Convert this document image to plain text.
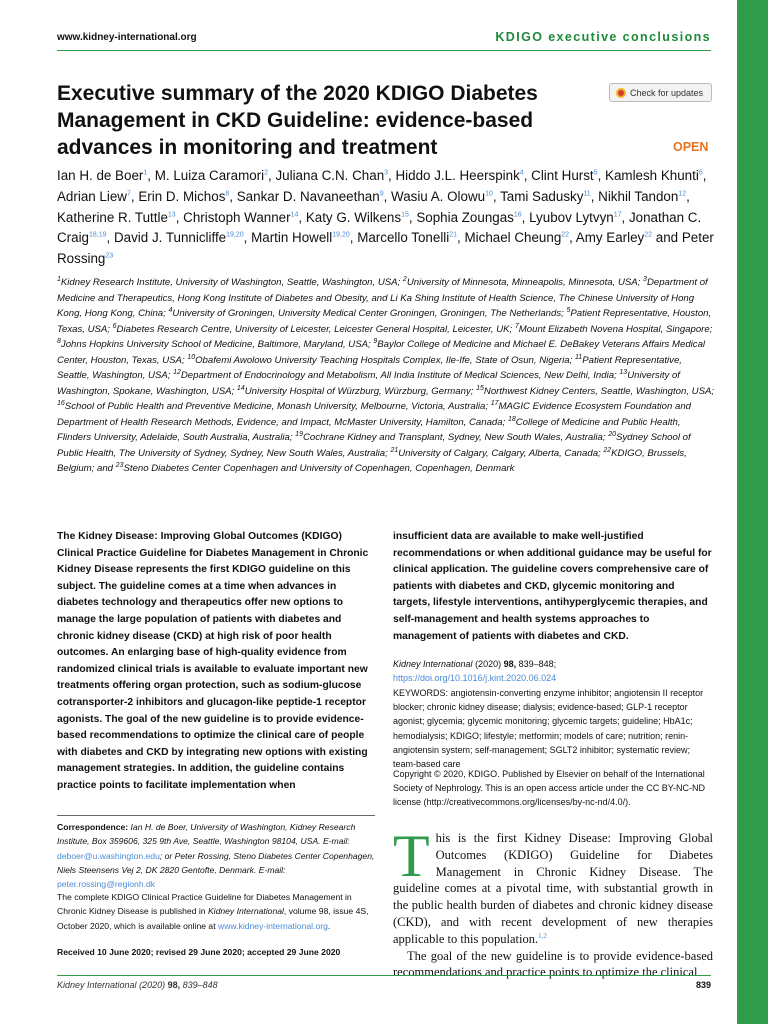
www.kidney-international.org	KDIGO executive conclusions
Executive summary of the 2020 KDIGO Diabetes Management in CKD Guideline: evidence-based advances in monitoring and treatment
Check for updates
OPEN
Ian H. de Boer$^1$, M. Luiza Caramori$^2$, Juliana C.N. Chan$^3$, Hiddo J.L. Heerspink$^4$, Clint Hurst$^5$, Kamlesh Khunti$^6$, Adrian Liew$^7$, Erin D. Michos$^8$, Sankar D. Navaneethan$^9$, Wasiu A. Olowu$^{10}$, Tami Sadusky$^{11}$, Nikhil Tandon$^{12}$, Katherine R. Tuttle$^{13}$, Christoph Wanner$^{14}$, Katy G. Wilkens$^{15}$, Sophia Zoungas$^{16}$, Lyubov Lytvyn$^{17}$, Jonathan C. Craig$^{18,19}$, David J. Tunnicliffe$^{19,20}$, Martin Howell$^{19,20}$, Marcello Tonelli$^{21}$, Michael Cheung$^{22}$, Amy Earley$^{22}$ and Peter Rossing$^{23}$
$^1$Kidney Research Institute, University of Washington, Seattle, Washington, USA; $^2$University of Minnesota, Minneapolis, Minnesota, USA; $^3$Department of Medicine and Therapeutics, Hong Kong Institute of Diabetes and Obesity, and Li Ka Shing Institute of Health Science, The Chinese University of Hong Kong, Hong Kong, China; $^4$University of Groningen, University Medical Center Groningen, Groningen, The Netherlands; $^5$Patient Representative, Houston, Texas, USA; $^6$Diabetes Research Centre, University of Leicester, Leicester General Hospital, Leicester, UK; $^7$Mount Elizabeth Novena Hospital, Singapore; $^8$Johns Hopkins University School of Medicine, Baltimore, Maryland, USA; $^9$Baylor College of Medicine and Michael E. DeBakey Veterans Affairs Medical Center, Houston, Texas, USA; $^{10}$Obafemi Awolowo University Teaching Hospitals Complex, Ile-Ife, State of Osun, Nigeria; $^{11}$Patient Representative, Seattle, Washington, USA; $^{12}$Department of Endocrinology and Metabolism, All India Institute of Medical Sciences, New Delhi, India; $^{13}$University of Washington, Spokane, Washington, USA; $^{14}$University Hospital of Würzburg, Würzburg, Germany; $^{15}$Northwest Kidney Centers, Seattle, Washington, USA; $^{16}$School of Public Health and Preventive Medicine, Monash University, Melbourne, Victoria, Australia; $^{17}$MAGIC Evidence Ecosystem Foundation and Department of Health Research Methods, Evidence, and Impact, McMaster University, Hamilton, Canada; $^{18}$College of Medicine and Public Health, Flinders University, Adelaide, South Australia, Australia; $^{19}$Cochrane Kidney and Transplant, Sydney, New South Wales, Australia; $^{20}$Sydney School of Public Health, The University of Sydney, Sydney, New South Wales, Australia; $^{21}$University of Calgary, Calgary, Alberta, Canada; $^{22}$KDIGO, Brussels, Belgium; and $^{23}$Steno Diabetes Center Copenhagen and University of Copenhagen, Copenhagen, Denmark
The Kidney Disease: Improving Global Outcomes (KDIGO) Clinical Practice Guideline for Diabetes Management in Chronic Kidney Disease represents the first KDIGO guideline on this subject. The guideline comes at a time when advances in diabetes technology and therapeutics offer new options to manage the large population of patients with diabetes and chronic kidney disease (CKD) at high risk of poor health outcomes. An enlarging base of high-quality evidence from randomized clinical trials is available to evaluate important new treatments offering organ protection, such as sodium-glucose cotransporter-2 inhibitors and glucagon-like peptide-1 receptor agonists. The goal of the new guideline is to provide evidence-based recommendations to optimize the clinical care of people with diabetes and CKD by integrating new options with existing management strategies. In addition, the guideline contains practice points to facilitate implementation when
insufficient data are available to make well-justified recommendations or when additional guidance may be useful for clinical application. The guideline covers comprehensive care of patients with diabetes and CKD, glycemic monitoring and targets, lifestyle interventions, antihyperglycemic therapies, and self-management and health systems approaches to management of patients with diabetes and CKD.
Kidney International (2020) 98, 839–848; https://doi.org/10.1016/j.kint.2020.06.024
KEYWORDS: angiotensin-converting enzyme inhibitor; angiotensin II receptor blocker; chronic kidney disease; dialysis; evidence-based; GLP-1 receptor agonist; glycemia; glycemic monitoring; glycemic targets; guideline; HbA1c; hemodialysis; KDIGO; lifestyle; metformin; models of care; nutrition; renin-angiotensin system; self-management; SGLT2 inhibitor; systematic review; team-based care
Copyright © 2020, KDIGO. Published by Elsevier on behalf of the International Society of Nephrology. This is an open access article under the CC BY-NC-ND license (http://creativecommons.org/licenses/by-nc-nd/4.0/).
Correspondence: Ian H. de Boer, University of Washington, Kidney Research Institute, Box 359606, 325 9th Ave, Seattle, Washington 98104, USA. E-mail: deboer@u.washington.edu; or Peter Rossing, Steno Diabetes Center Copenhagen, Niels Steensens Vej 2, DK 2820 Gentofte, Denmark. E-mail: peter.rossing@regionh.dk
The complete KDIGO Clinical Practice Guideline for Diabetes Management in Chronic Kidney Disease is published in Kidney International, volume 98, issue 4S, October 2020, which is available online at www.kidney-international.org.
Received 10 June 2020; revised 29 June 2020; accepted 29 June 2020
T his is the first Kidney Disease: Improving Global Outcomes (KDIGO) Guideline for Diabetes Management in Chronic Kidney Disease. The guideline comes at a pivotal time, with substantial growth in the public health burden of diabetes and chronic kidney disease (CKD), and with recent development of new therapies applicable to this population.$^{1,2}$

The goal of the new guideline is to provide evidence-based recommendations and practice points to optimize the clinical

Kidney International (2020) 98, 839–848	839
